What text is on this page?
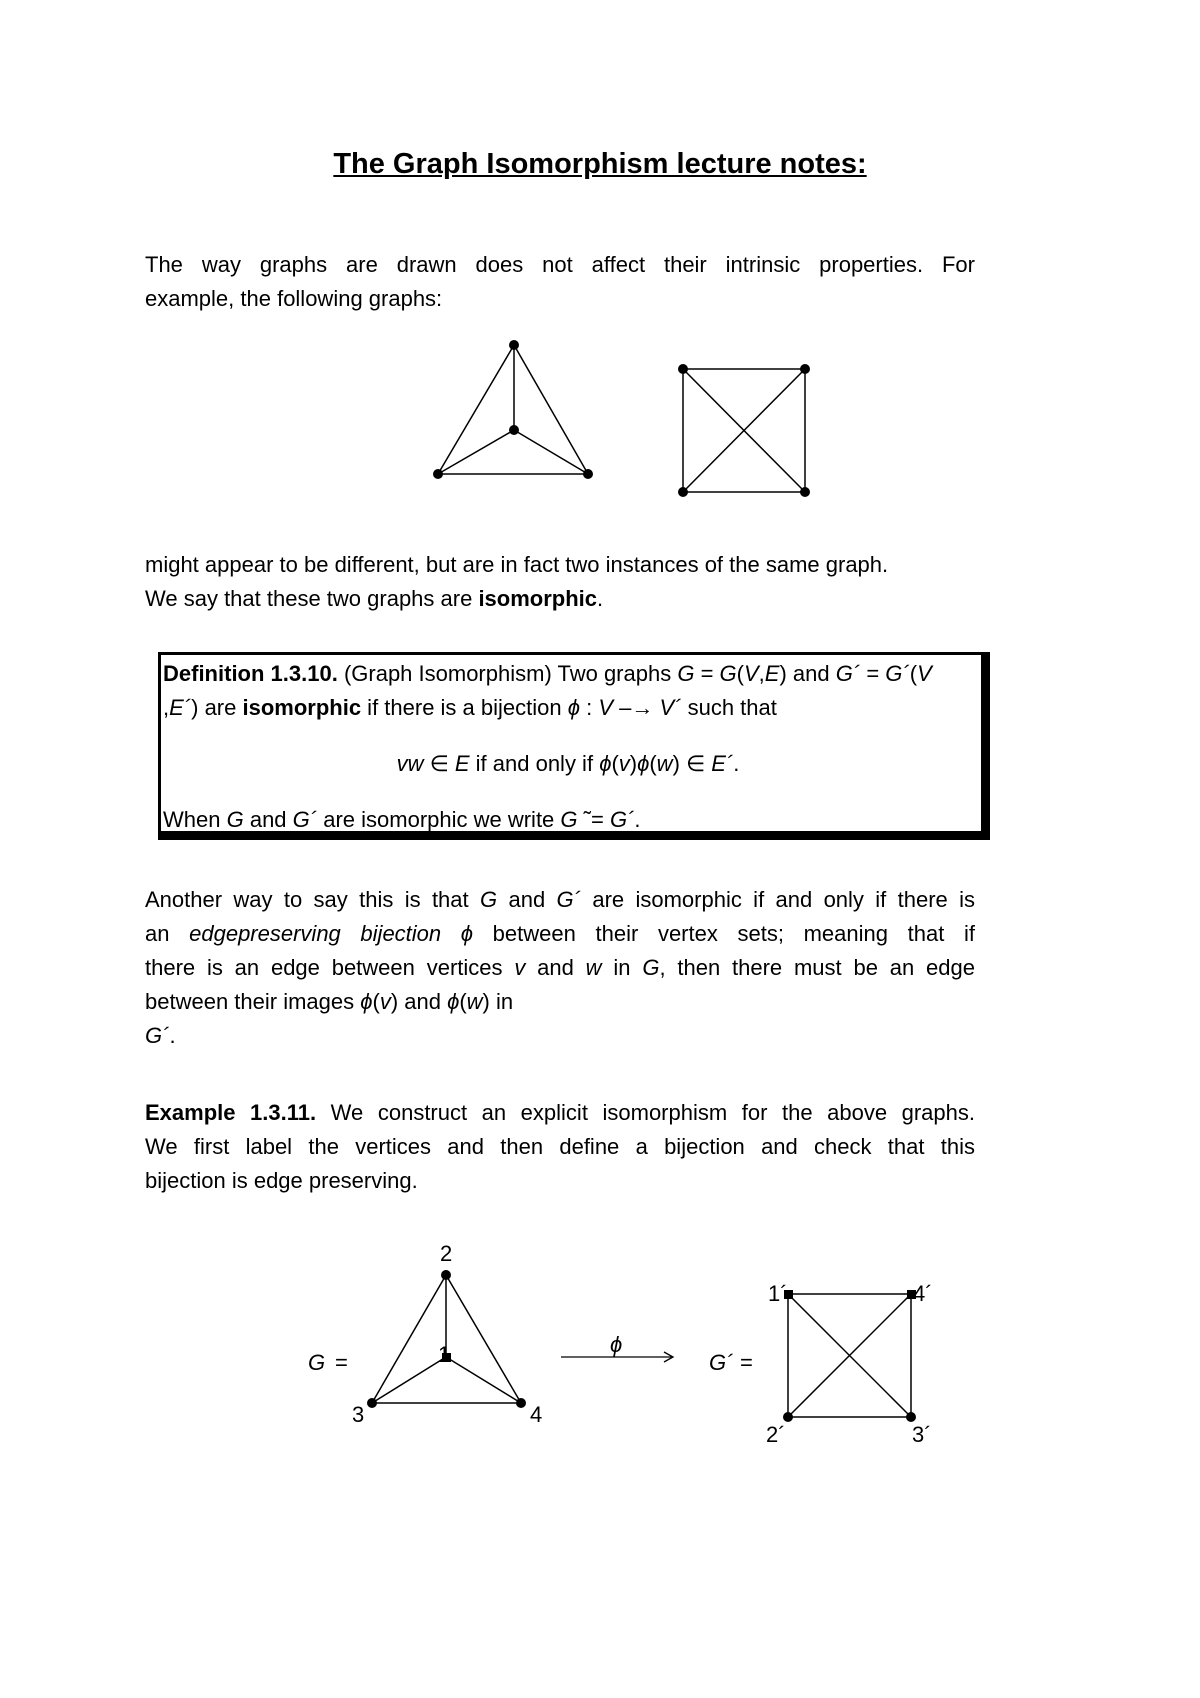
The Graph Isomorphism lecture notes:
The way graphs are drawn does not affect their intrinsic properties. For
example, the following graphs:
might appear to be different, but are in fact two instances of the same graph.
We say that these two graphs are isomorphic.
Definition 1.3.10. (Graph Isomorphism) Two graphs G = G(V,E) and G´ = G´(V
,E´) are isomorphic if there is a bijection ϕ : V –→ V´ such that
vw ∈ E if and only if ϕ(v)ϕ(w) ∈ E´.
When G and G´ are isomorphic we write G ˜= G´.
Another way to say this is that G and G´ are isomorphic if and only if there is
an edgepreserving bijection ϕ between their vertex sets; meaning that if
there is an edge between vertices v and w in G, then there must be an edge
between their images ϕ(v) and ϕ(w) in
G´.
Example 1.3.11. We construct an explicit isomorphism for the above graphs.
We first label the vertices and then define a bijection and check that this
bijection is edge preserving.
1
2
3	4
G =
ϕ
1´	4´
2´	3´
G´ =
